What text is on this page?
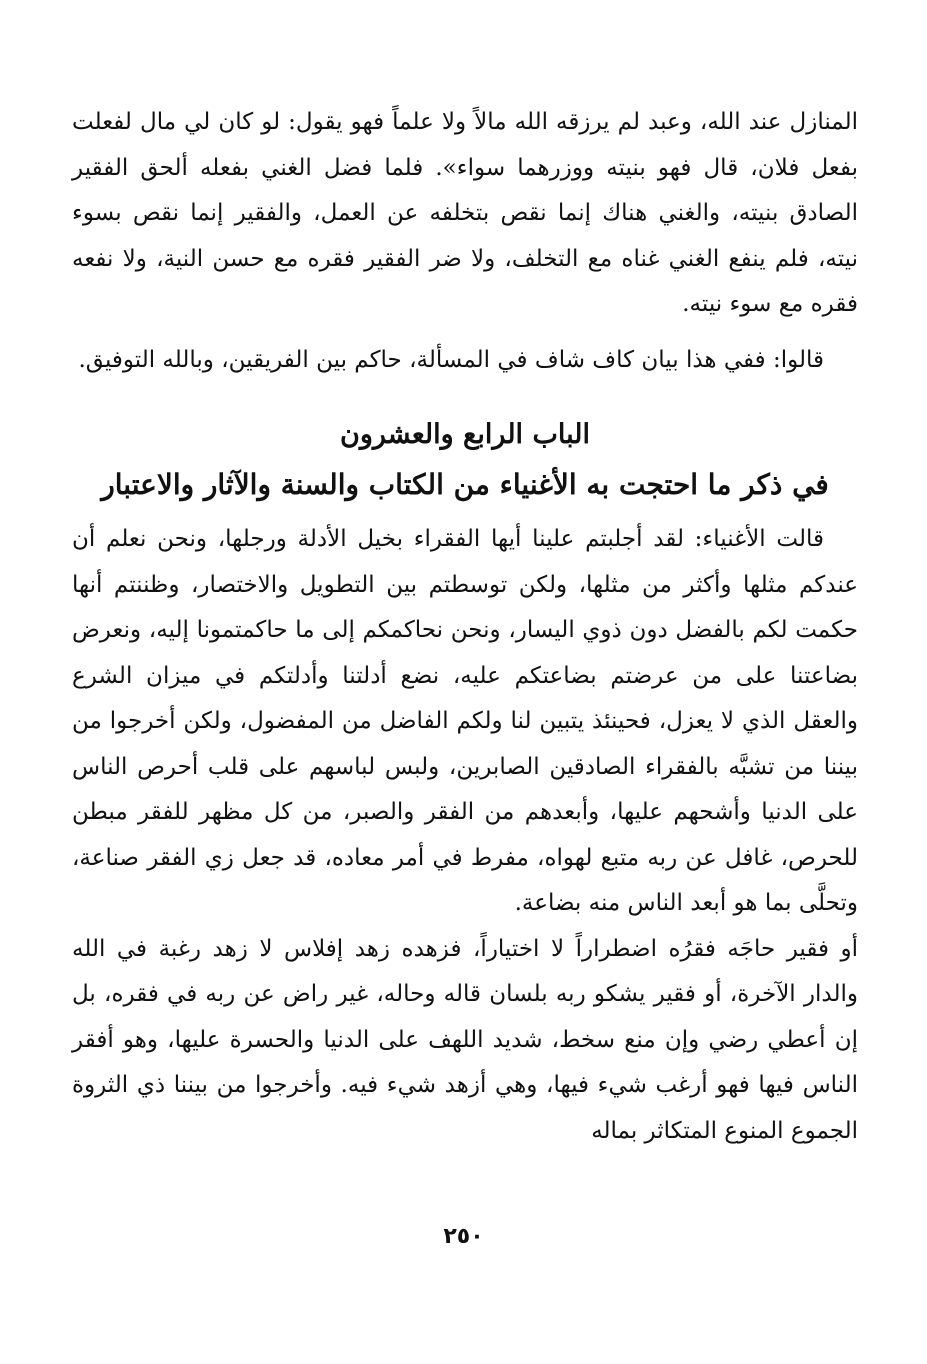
المنازل عند الله، وعبد لم يرزقه الله مالاً ولا علماً فهو يقول: لو كان لي مال لفعلت بفعل فلان، قال فهو بنيته ووزرهما سواء». فلما فضل الغني بفعله ألحق الفقير الصادق بنيته، والغني هناك إنما نقص بتخلفه عن العمل، والفقير إنما نقص بسوء نيته، فلم ينفع الغني غناه مع التخلف، ولا ضر الفقير فقره مع حسن النية، ولا نفعه فقره مع سوء نيته.

قالوا: ففي هذا بيان كاف شاف في المسألة، حاكم بين الفريقين، وبالله التوفيق.

الباب الرابع والعشرون
في ذكر ما احتجت به الأغنياء من الكتاب والسنة والآثار والاعتبار

قالت الأغنياء: لقد أجلبتم علينا أيها الفقراء بخيل الأدلة ورجلها، ونحن نعلم أن عندكم مثلها وأكثر من مثلها، ولكن توسطتم بين التطويل والاختصار، وظننتم أنها حكمت لكم بالفضل دون ذوي اليسار، ونحن نحاكمكم إلى ما حاكمتمونا إليه، ونعرض بضاعتنا على من عرضتم بضاعتكم عليه، نضع أدلتنا وأدلتكم في ميزان الشرع والعقل الذي لا يعزل، فحينئذ يتبين لنا ولكم الفاضل من المفضول، ولكن أخرجوا من بيننا من تشبَّه بالفقراء الصادقين الصابرين، ولبس لباسهم على قلب أحرص الناس على الدنيا وأشحهم عليها، وأبعدهم من الفقر والصبر، من كل مظهر للفقر مبطن للحرص، غافل عن ربه متبع لهواه، مفرط في أمر معاده، قد جعل زي الفقر صناعة، وتحلَّى بما هو أبعد الناس منه بضاعة.

أو فقير حاجَه فقرُه اضطراراً لا اختياراً، فزهده زهد إفلاس لا زهد رغبة في الله والدار الآخرة، أو فقير يشكو ربه بلسان قاله وحاله، غير راض عن ربه في فقره، بل إن أعطي رضي وإن منع سخط، شديد اللهف على الدنيا والحسرة عليها، وهو أفقر الناس فيها فهو أرغب شيء فيها، وهي أزهد شيء فيه. وأخرجوا من بيننا ذي الثروة الجموع المنوع المتكاثر بماله

٢٥٠
